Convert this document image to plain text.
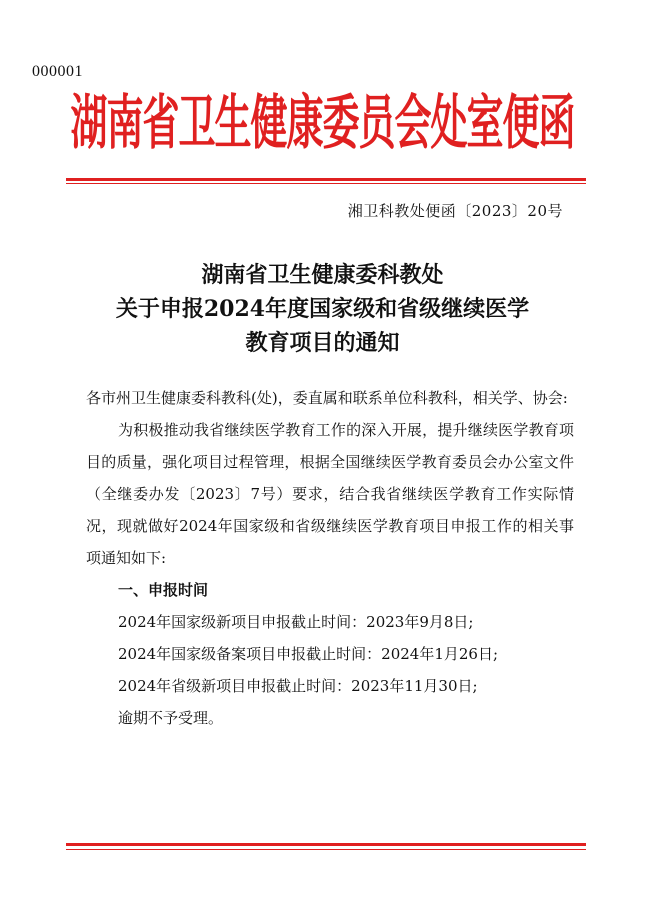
000001
湖南省卫生健康委员会处室便函
湘卫科教处便函〔2023〕20号
湖南省卫生健康委科教处
关于申报2024年度国家级和省级继续医学
教育项目的通知

各市州卫生健康委科教科(处)，委直属和联系单位科教科，相关学、协会:

为积极推动我省继续医学教育工作的深入开展，提升继续医学教育项目的质量，强化项目过程管理，根据全国继续医学教育委员会办公室文件（全继委办发〔2023〕7号）要求，结合我省继续医学教育工作实际情况，现就做好2024年国家级和省级继续医学教育项目申报工作的相关事项通知如下:

一、申报时间

2024年国家级新项目申报截止时间：2023年9月8日;

2024年国家级备案项目申报截止时间：2024年1月26日;

2024年省级新项目申报截止时间：2023年11月30日;

逾期不予受理。
